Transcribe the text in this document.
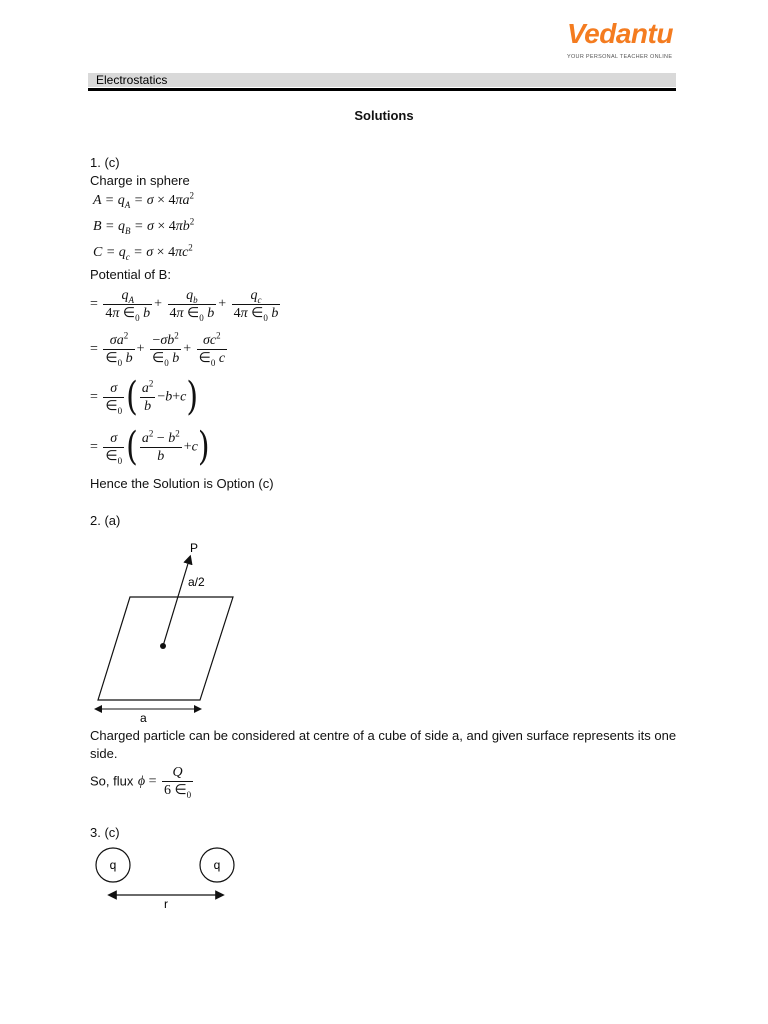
Vedantu
YOUR PERSONAL TEACHER ONLINE
Electrostatics
Solutions
1. (c)
Charge in sphere
$A = q_A = \sigma \times 4\pi a^2$
$B = q_B = \sigma \times 4\pi b^2$
$C = q_c = \sigma \times 4\pi c^2$
Potential of B:
= $\frac{q_A}{4\pi \in_0 b} + \frac{q_b}{4\pi \in_0 b} + \frac{q_c}{4\pi \in_0 b}$
= $\frac{\sigma a^2}{\in_0 b} + \frac{-\sigma b^2}{\in_0 b} + \frac{\sigma c^2}{\in_0 c}$
= $\frac{\sigma}{\in_0}$ ( $\frac{a^2}{b} -b+c$)
= $\frac{\sigma}{\in_0}$ ( $\frac{a^2 - b^2}{b} +c$)
Hence the Solution is Option (c)
2. (a)
P
a/2
a
Charged particle can be considered at centre of a cube of side a, and given surface represents its one
side.
So, flux $\phi = \frac{Q}{6 \in_0}$
3. (c)
q	q
r
